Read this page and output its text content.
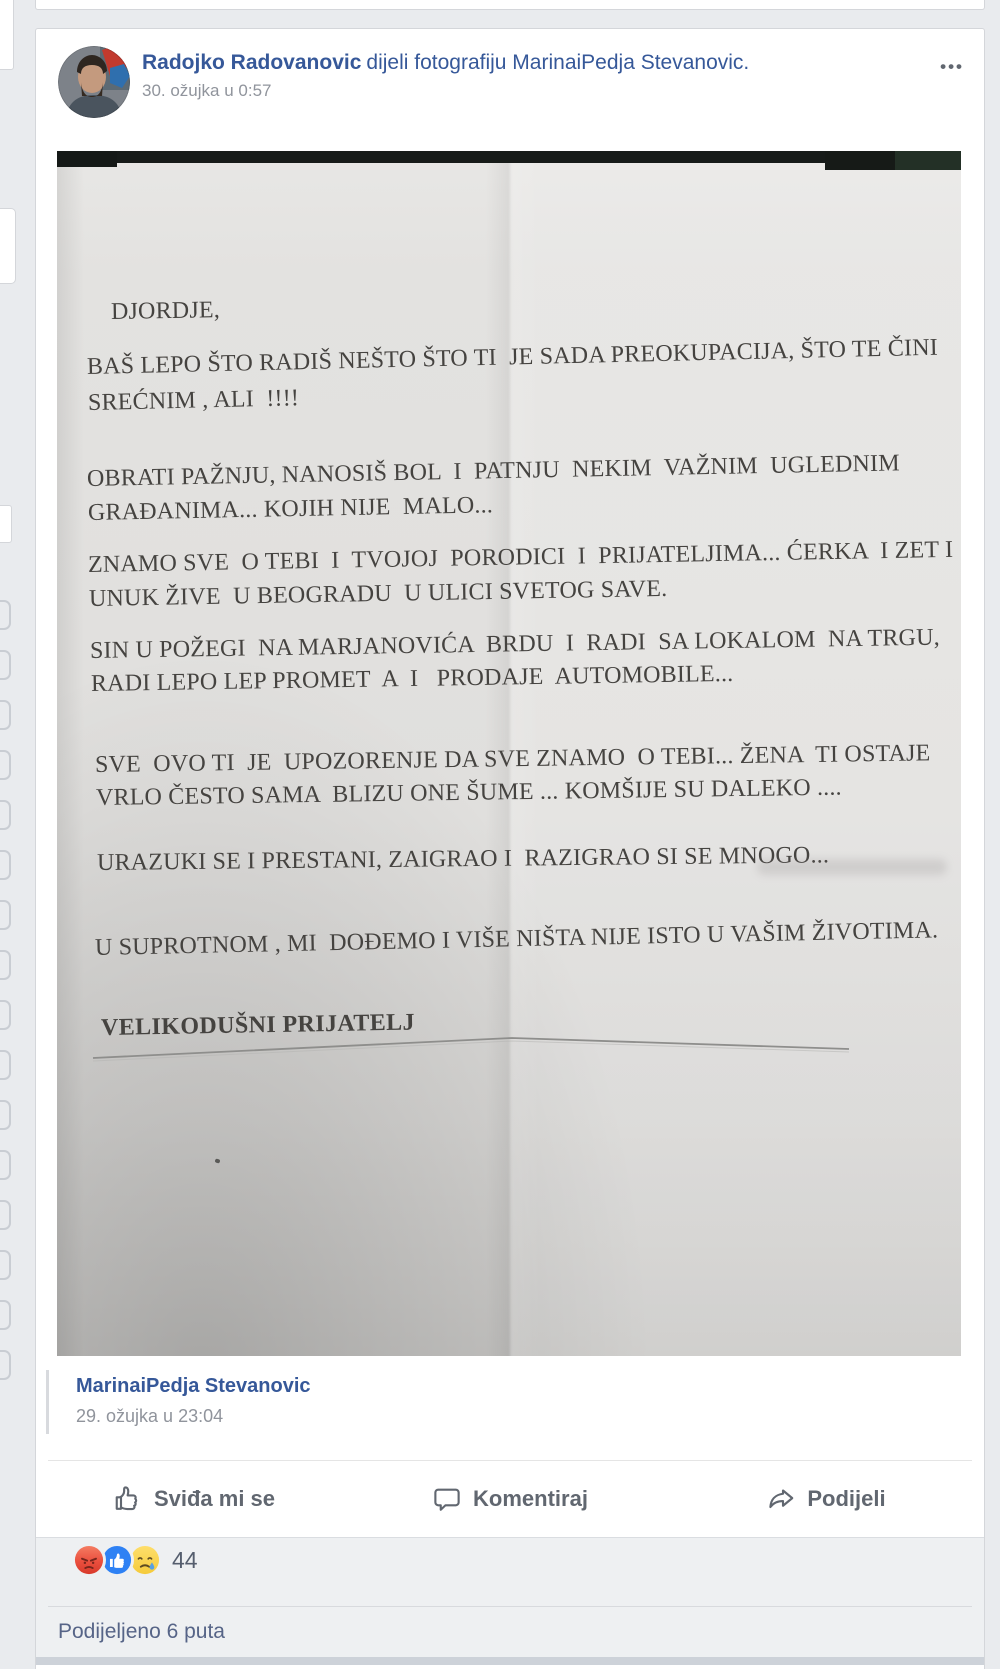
Radojko Radovanovic dijeli fotografiju MarinaiPedja Stevanovic.
30. ožujka u 0:57
•••
DJORDJE,
BAŠ LEPO ŠTO RADIŠ NEŠTO ŠTO TI  JE SADA PREOKUPACIJA, ŠTO TE ČINI
SREĆNIM , ALI  !!!!
OBRATI PAŽNJU, NANOSIŠ BOL  I  PATNJU  NEKIM  VAŽNIM  UGLEDNIM
GRAĐANIMA... KOJIH NIJE  MALO...
ZNAMO SVE  O TEBI  I  TVOJOJ  PORODICI  I  PRIJATELJIMA... ĆERKA  I ZET I
UNUK ŽIVE  U BEOGRADU  U ULICI SVETOG SAVE.
SIN U POŽEGI  NA MARJANOVIĆA  BRDU  I  RADI  SA LOKALOM  NA TRGU,
RADI LEPO LEP PROMET  A  I   PRODAJE  AUTOMOBILE...
SVE  OVO TI  JE  UPOZORENJE DA SVE ZNAMO  O TEBI... ŽENA  TI OSTAJE
VRLO ČESTO SAMA  BLIZU ONE ŠUME ... KOMŠIJE SU DALEKO ....
URAZUKI SE I PRESTANI, ZAIGRAO I  RAZIGRAO SI SE MNOGO...
U SUPROTNOM , MI  DOĐEMO I VIŠE NIŠTA NIJE ISTO U VAŠIM ŽIVOTIMA.
VELIKODUŠNI PRIJATELJ
MarinaiPedja Stevanovic
29. ožujka u 23:04
Sviđa mi se	Komentiraj	Podijeli
44
Podijeljeno 6 puta
